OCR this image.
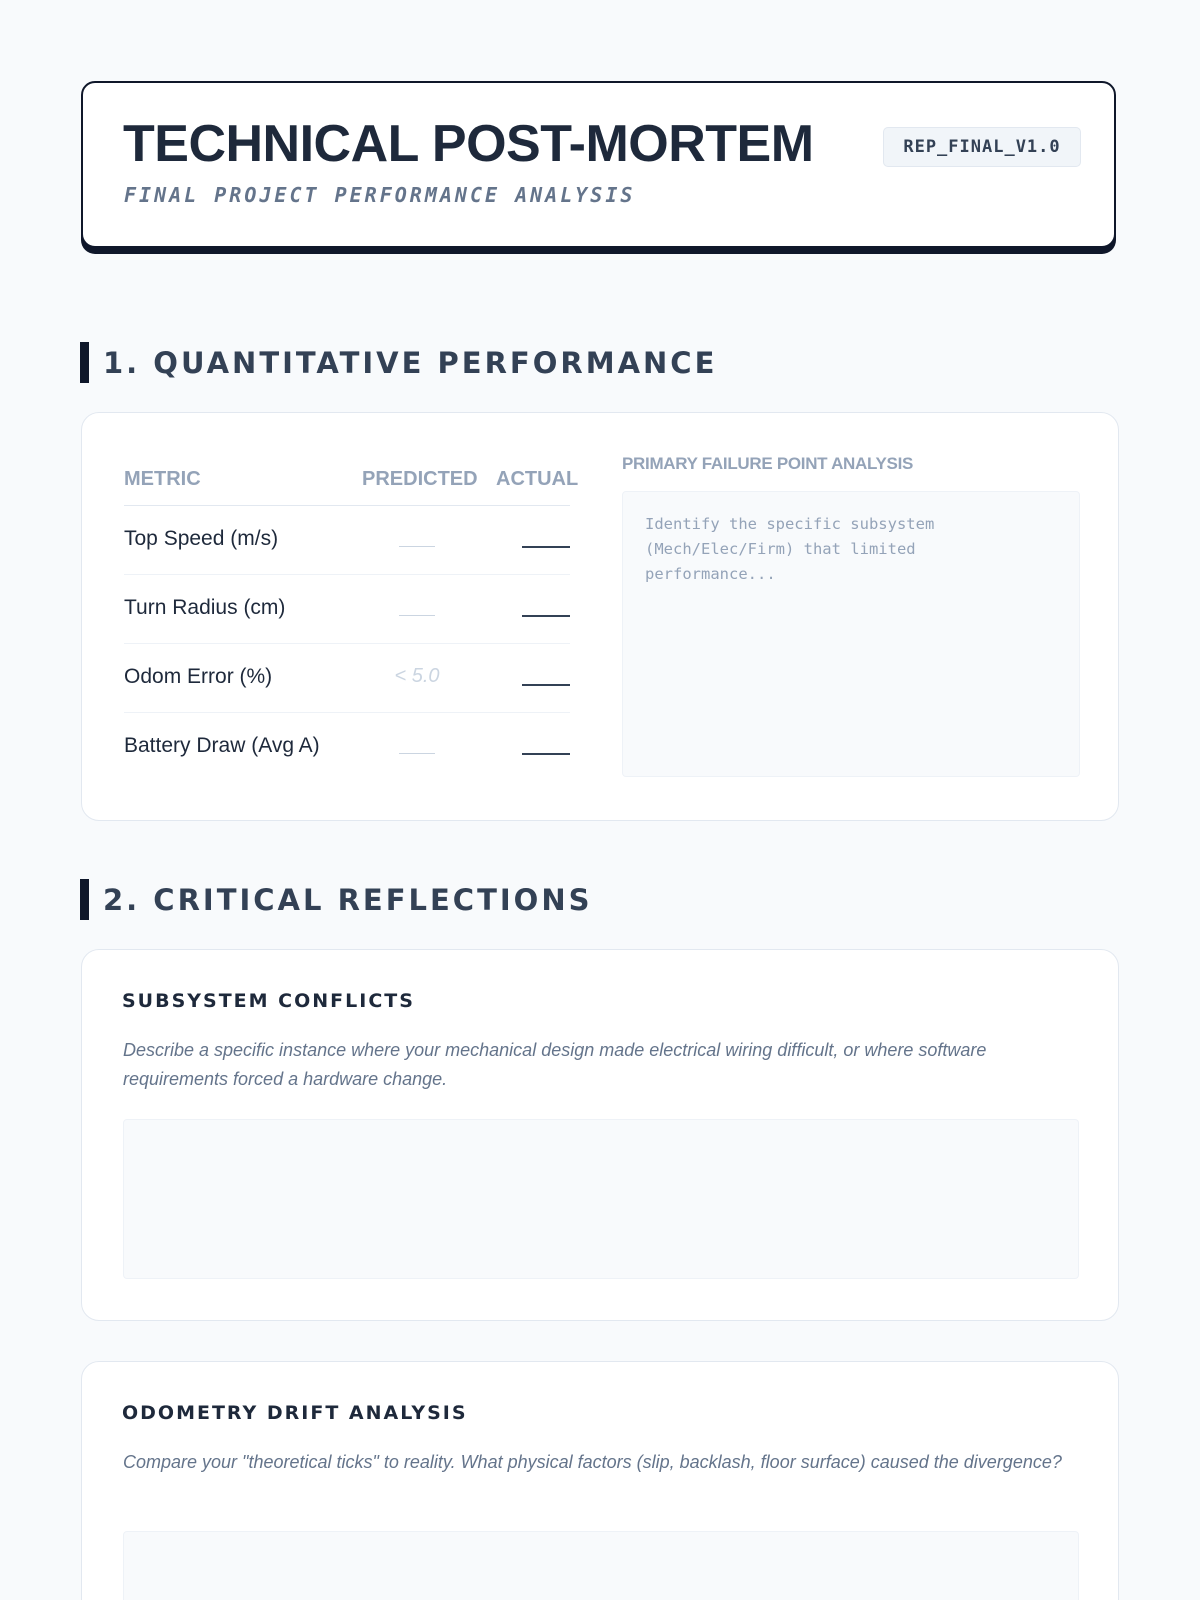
TECHNICAL POST-MORTEM
FINAL PROJECT PERFORMANCE ANALYSIS
REP_FINAL_V1.0
1. QUANTITATIVE PERFORMANCE
METRIC	PREDICTED ACTUAL
Top Speed (m/s)
Turn Radius (cm)
Odom Error (%)	< 5.0
Battery Draw (Avg A)
PRIMARY FAILURE POINT ANALYSIS
Identify the specific subsystem (Mech/Elec/Firm) that limited performance...
2. CRITICAL REFLECTIONS
SUBSYSTEM CONFLICTS
Describe a specific instance where your mechanical design made electrical wiring difficult, or where software requirements forced a hardware change.
ODOMETRY DRIFT ANALYSIS
Compare your "theoretical ticks" to reality. What physical factors (slip, backlash, floor surface) caused the divergence?
